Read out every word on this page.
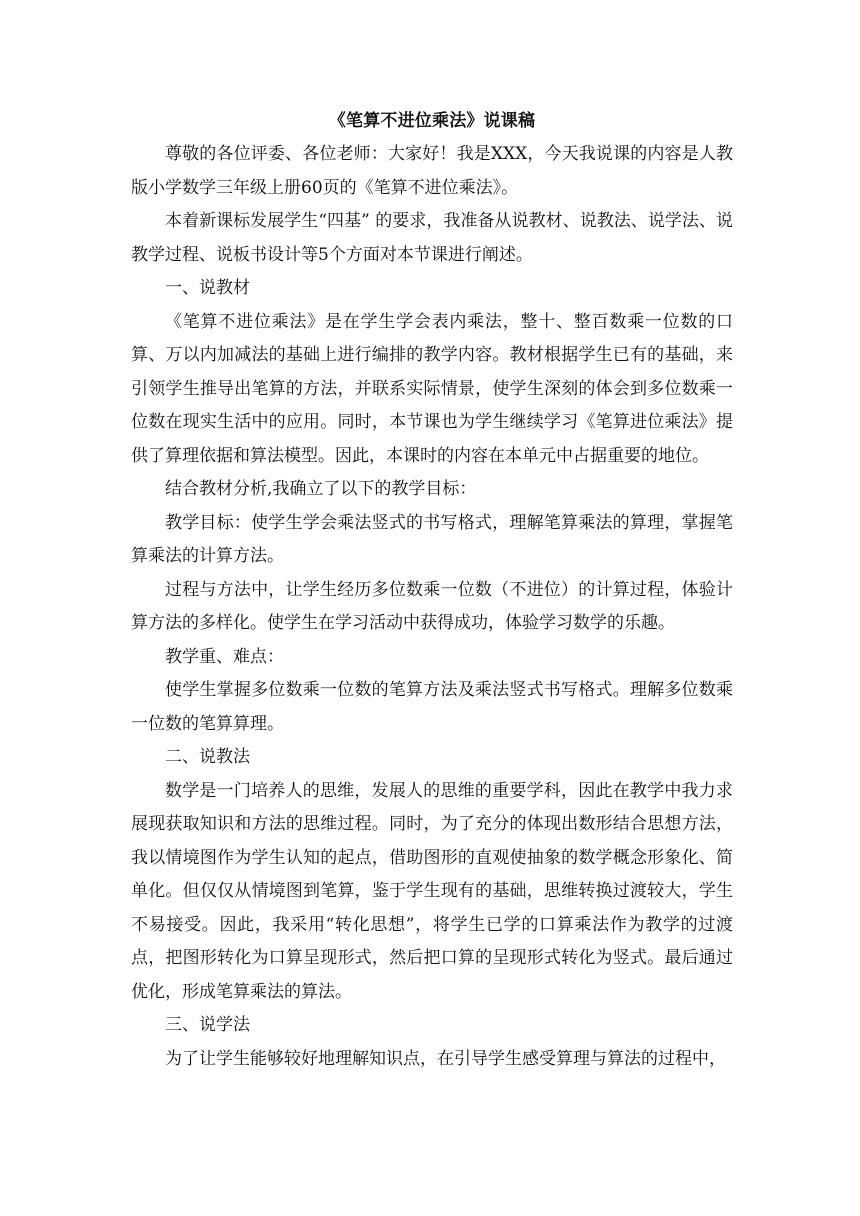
《笔算不进位乘法》说课稿

尊敬的各位评委、各位老师：大家好！我是XXX，今天我说课的内容是人教版小学数学三年级上册60页的《笔算不进位乘法》。

本着新课标发展学生“四基” 的要求，我准备从说教材、说教法、说学法、说教学过程、说板书设计等5个方面对本节课进行阐述。

一、说教材

《笔算不进位乘法》是在学生学会表内乘法，整十、整百数乘一位数的口算、万以内加减法的基础上进行编排的教学内容。教材根据学生已有的基础，来引领学生推导出笔算的方法，并联系实际情景，使学生深刻的体会到多位数乘一位数在现实生活中的应用。同时，本节课也为学生继续学习《笔算进位乘法》提供了算理依据和算法模型。因此，本课时的内容在本单元中占据重要的地位。

结合教材分析,我确立了以下的教学目标：

教学目标：使学生学会乘法竖式的书写格式，理解笔算乘法的算理，掌握笔算乘法的计算方法。

过程与方法中，让学生经历多位数乘一位数（不进位）的计算过程，体验计算方法的多样化。使学生在学习活动中获得成功，体验学习数学的乐趣。

教学重、难点：

使学生掌握多位数乘一位数的笔算方法及乘法竖式书写格式。理解多位数乘一位数的笔算算理。

二、说教法

数学是一门培养人的思维，发展人的思维的重要学科，因此在教学中我力求展现获取知识和方法的思维过程。同时，为了充分的体现出数形结合思想方法，我以情境图作为学生认知的起点，借助图形的直观使抽象的数学概念形象化、简单化。但仅仅从情境图到笔算，鉴于学生现有的基础，思维转换过渡较大，学生不易接受。因此，我采用“转化思想”，将学生已学的口算乘法作为教学的过渡点，把图形转化为口算呈现形式，然后把口算的呈现形式转化为竖式。最后通过优化，形成笔算乘法的算法。

三、说学法

为了让学生能够较好地理解知识点，在引导学生感受算理与算法的过程中，
